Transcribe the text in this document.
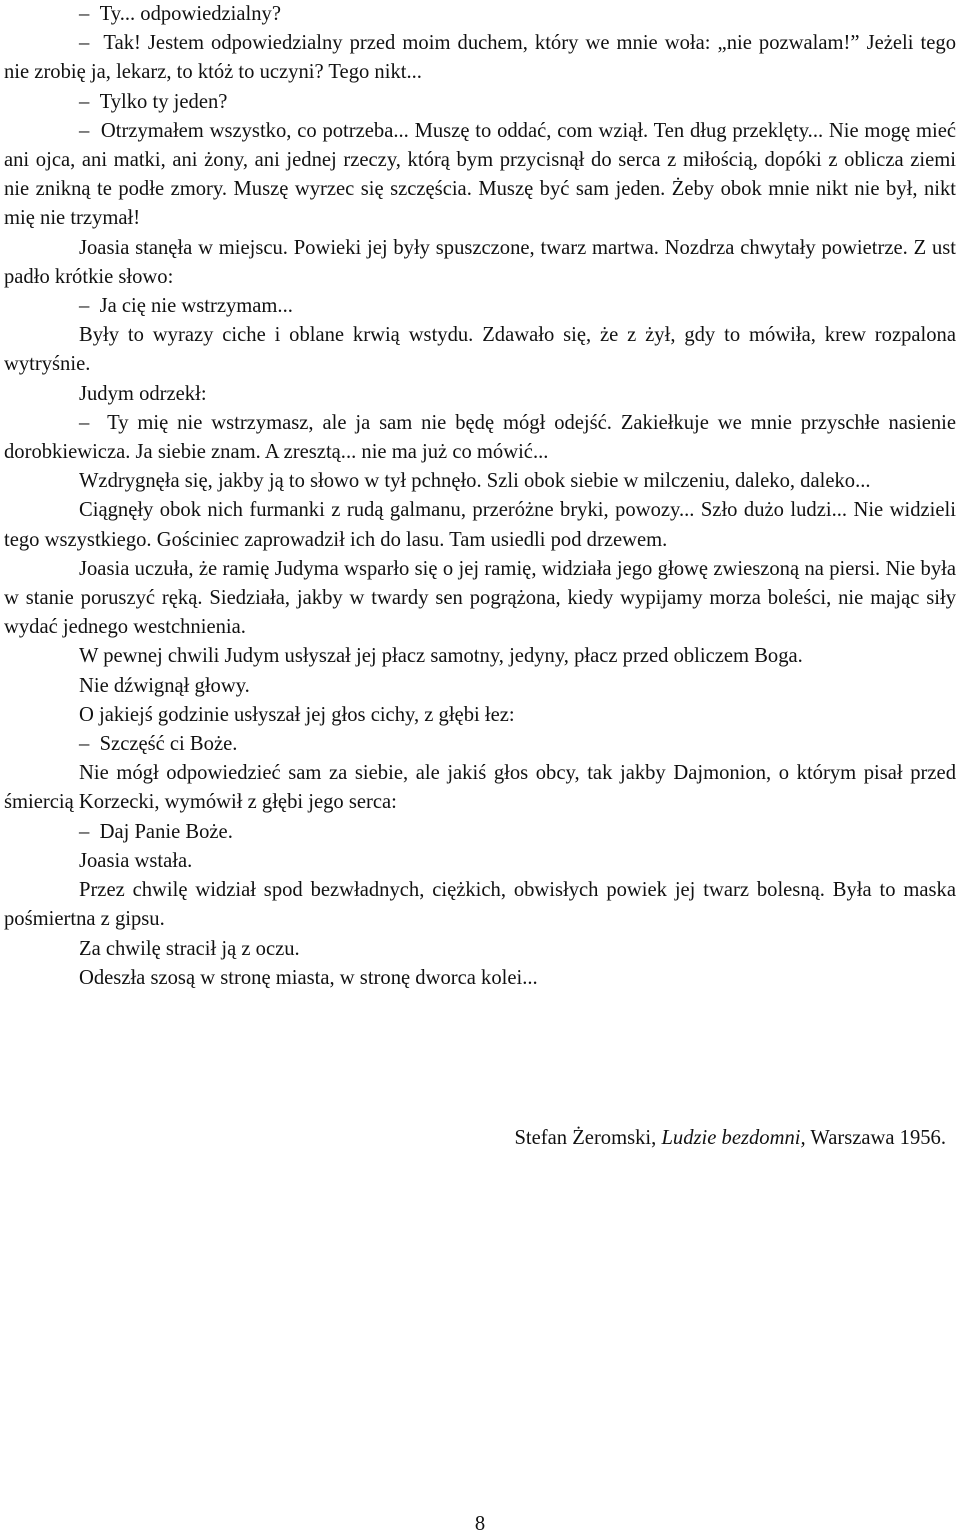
–  Ty... odpowiedzialny?

–  Tak! Jestem odpowiedzialny przed moim duchem, który we mnie woła: „nie pozwalam!” Jeżeli tego nie zrobię ja, lekarz, to któż to uczyni? Tego nikt...

–  Tylko ty jeden?

–  Otrzymałem wszystko, co potrzeba... Muszę to oddać, com wziął. Ten dług przeklęty... Nie mogę mieć ani ojca, ani matki, ani żony, ani jednej rzeczy, którą bym przycisnął do serca z miłością, dopóki z oblicza ziemi nie znikną te podłe zmory. Muszę wyrzec się szczęścia. Muszę być sam jeden. Żeby obok mnie nikt nie był, nikt mię nie trzymał!

Joasia stanęła w miejscu. Powieki jej były spuszczone, twarz martwa. Nozdrza chwytały powietrze. Z ust padło krótkie słowo:

–  Ja cię nie wstrzymam...

Były to wyrazy ciche i oblane krwią wstydu. Zdawało się, że z żył, gdy to mówiła, krew rozpalona wytryśnie.

Judym odrzekł:

–  Ty mię nie wstrzymasz, ale ja sam nie będę mógł odejść. Zakiełkuje we mnie przyschłe nasienie dorobkiewicza. Ja siebie znam. A zresztą... nie ma już co mówić...

Wzdrygnęła się, jakby ją to słowo w tył pchnęło. Szli obok siebie w milczeniu, daleko, daleko...

Ciągnęły obok nich furmanki z rudą galmanu, przeróżne bryki, powozy... Szło dużo ludzi... Nie widzieli tego wszystkiego. Gościniec zaprowadził ich do lasu. Tam usiedli pod drzewem.

Joasia uczuła, że ramię Judyma wsparło się o jej ramię, widziała jego głowę zwieszoną na piersi. Nie była w stanie poruszyć ręką. Siedziała, jakby w twardy sen pogrążona, kiedy wypijamy morza boleści, nie mając siły wydać jednego westchnienia.

W pewnej chwili Judym usłyszał jej płacz samotny, jedyny, płacz przed obliczem Boga.

Nie dźwignął głowy.

O jakiejś godzinie usłyszał jej głos cichy, z głębi łez:

–  Szczęść ci Boże.

Nie mógł odpowiedzieć sam za siebie, ale jakiś głos obcy, tak jakby Dajmonion, o którym pisał przed śmiercią Korzecki, wymówił z głębi jego serca:

–  Daj Panie Boże.

Joasia wstała.

Przez chwilę widział spod bezwładnych, ciężkich, obwisłych powiek jej twarz bolesną. Była to maska pośmiertna z gipsu.

Za chwilę stracił ją z oczu.

Odeszła szosą w stronę miasta, w stronę dworca kolei...

Stefan Żeromski, Ludzie bezdomni, Warszawa 1956.
8
